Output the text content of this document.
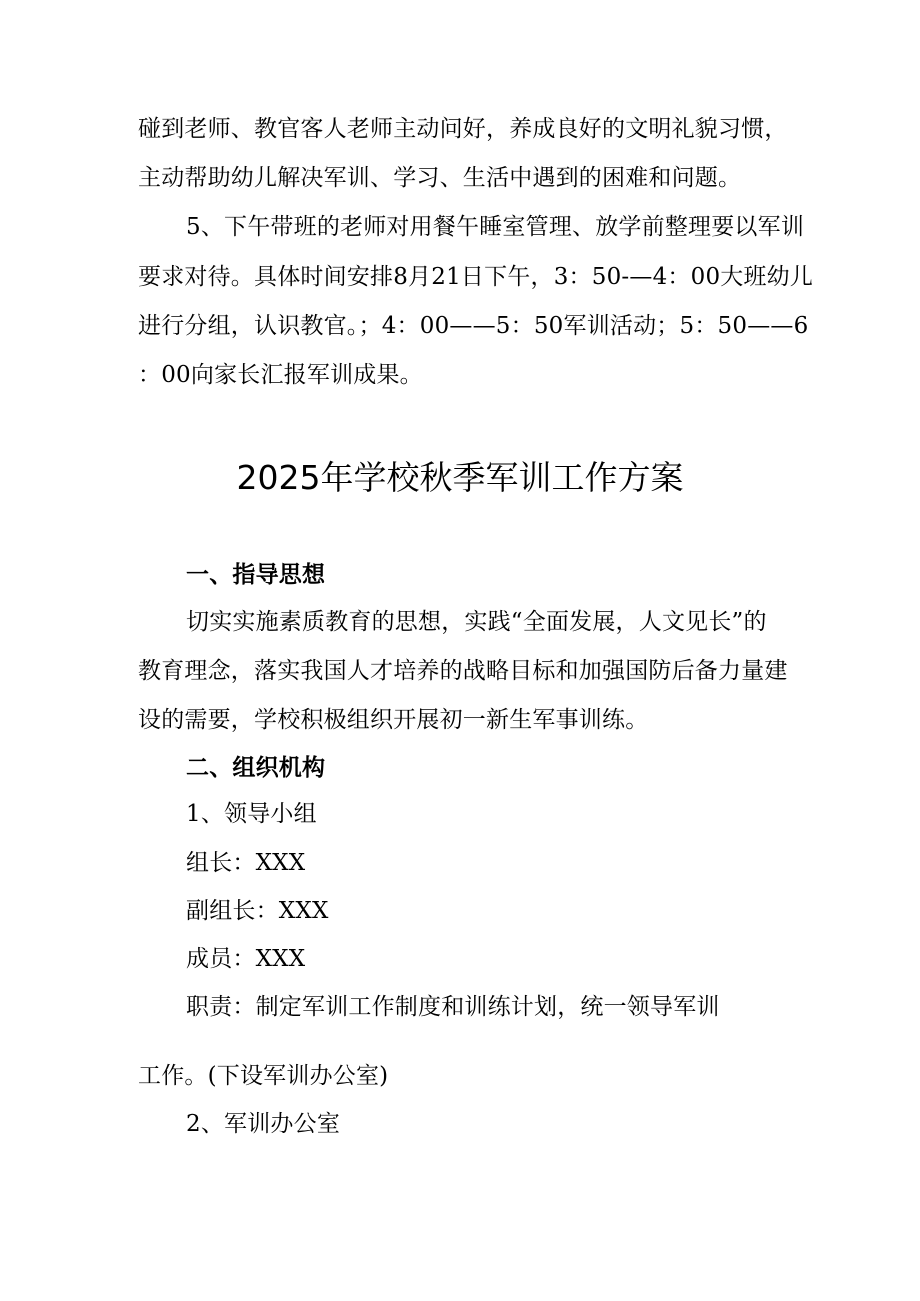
碰到老师、教官客人老师主动问好，养成良好的文明礼貌习惯，
主动帮助幼儿解决军训、学习、生活中遇到的困难和问题。
5、下午带班的老师对用餐午睡室管理、放学前整理要以军训
要求对待。具体时间安排8月21日下午，3：50-—4：00大班幼儿
进行分组，认识教官。；4：00——5：50军训活动；5：50——6
：00向家长汇报军训成果。
2025年学校秋季军训工作方案
一、指导思想
切实实施素质教育的思想，实践“全面发展，人文见长”的
教育理念，落实我国人才培养的战略目标和加强国防后备力量建
设的需要，学校积极组织开展初一新生军事训练。
二、组织机构
1、领导小组
组长：XXX
副组长：XXX
成员：XXX
职责：制定军训工作制度和训练计划，统一领导军训
工作。(下设军训办公室)
2、军训办公室
